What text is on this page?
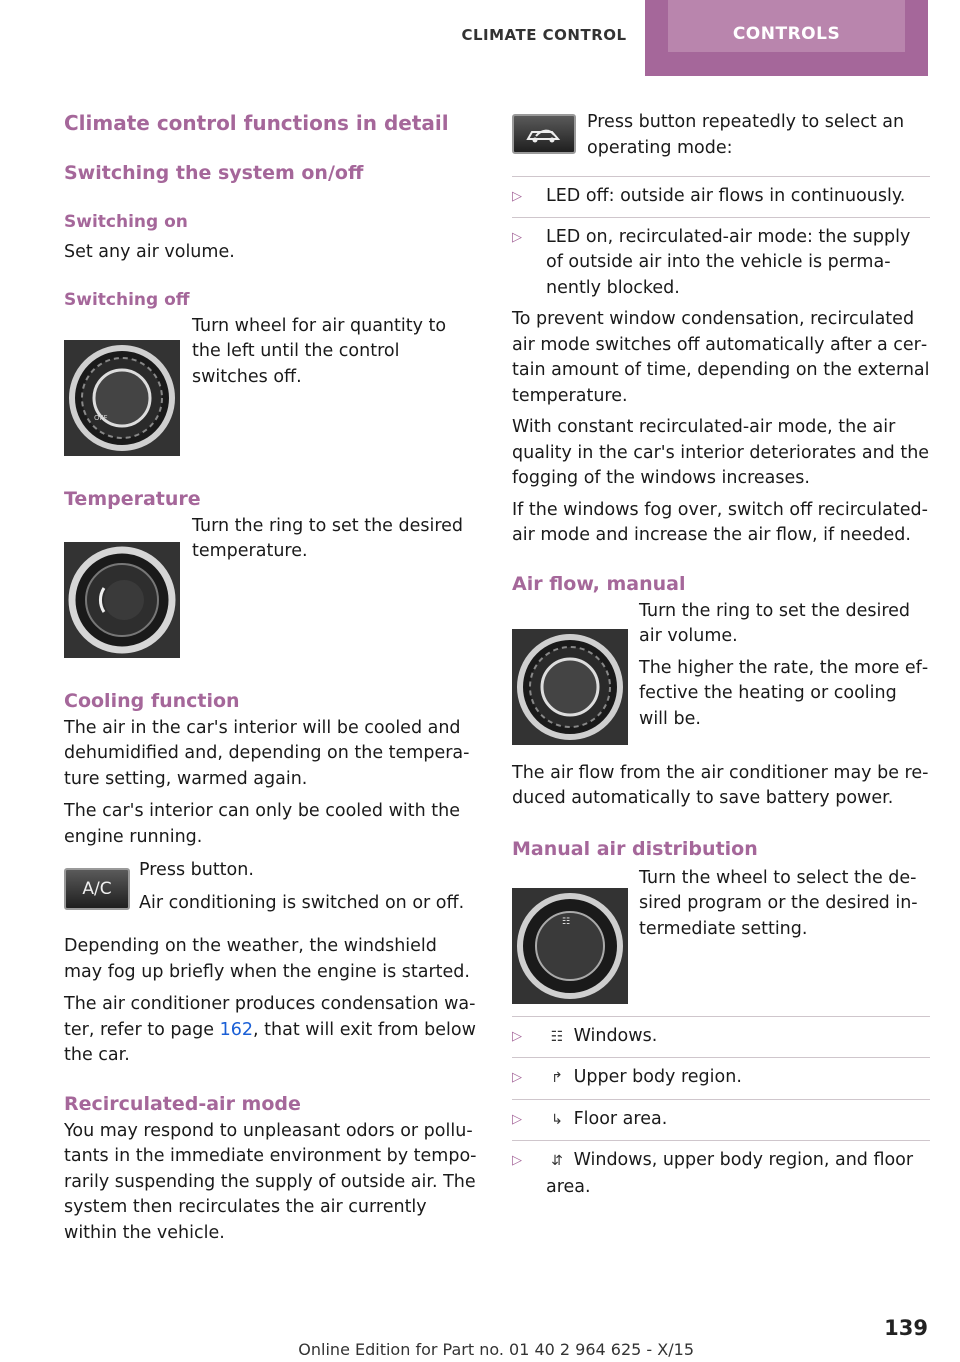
CLIMATE CONTROL	CONTROLS
Climate control functions in detail
Switching the system on/off
Switching on
Set any air volume.
Switching off
OFF
Turn wheel for air quantity to the left until the control switches off.
Temperature
Turn the ring to set the desired temperature.
Cooling function
The air in the car's interior will be cooled and dehumidified and, depending on the temperature setting, warmed again.
The car's interior can only be cooled with the engine running.
A/C
Press button.
Air conditioning is switched on or off.
Depending on the weather, the windshield may fog up briefly when the engine is started.
The air conditioner produces condensation water, refer to page 162, that will exit from below the car.
Recirculated-air mode
You may respond to unpleasant odors or pollutants in the immediate environment by temporarily suspending the supply of outside air. The system then recirculates the air currently within the vehicle.
Press button repeatedly to select an operating mode:
▷	LED off: outside air flows in continuously.
▷	LED on, recirculated-air mode: the supply of outside air into the vehicle is permanently blocked.
To prevent window condensation, recirculated air mode switches off automatically after a certain amount of time, depending on the external temperature.
With constant recirculated-air mode, the air quality in the car's interior deteriorates and the fogging of the windows increases.
If the windows fog over, switch off recirculated-air mode and increase the air flow, if needed.
Air flow, manual
Turn the ring to set the desired air volume.
The higher the rate, the more effective the heating or cooling will be.
The air flow from the air conditioner may be reduced automatically to save battery power.
Manual air distribution
☷
Turn the wheel to select the desired program or the desired intermediate setting.
▷	☷ Windows.
▷	↱ Upper body region.
▷	↳ Floor area.
▷	⇵ Windows, upper body region, and floor area.
139
Online Edition for Part no. 01 40 2 964 625 - X/15
